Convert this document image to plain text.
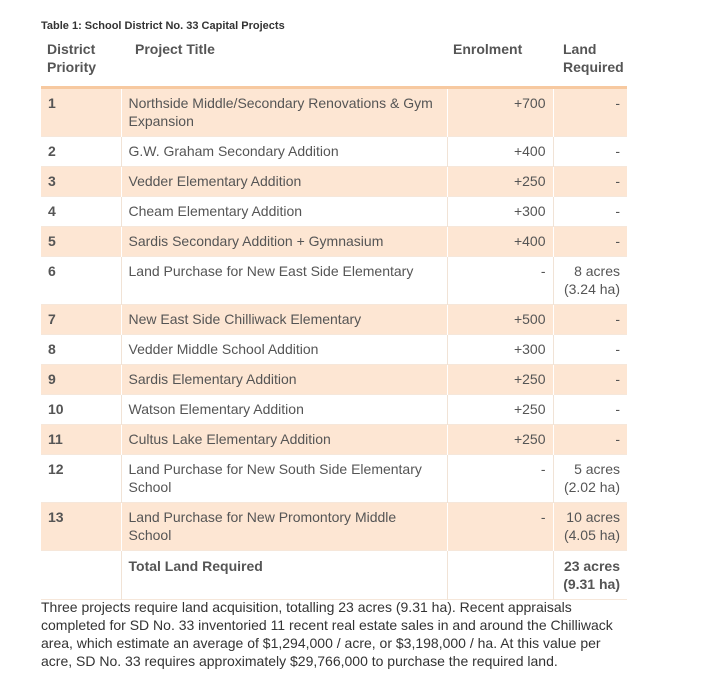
Table 1: School District No. 33 Capital Projects
District Priority	Project Title	Enrolment	Land Required
1	Northside Middle/Secondary Renovations & Gym Expansion	+700	-
2	G.W. Graham Secondary Addition	+400	-
3	Vedder Elementary Addition	+250	-
4	Cheam Elementary Addition	+300	-
5	Sardis Secondary Addition + Gymnasium	+400	-
6	Land Purchase for New East Side Elementary	-	8 acres (3.24 ha)
7	New East Side Chilliwack Elementary	+500	-
8	Vedder Middle School Addition	+300	-
9	Sardis Elementary Addition	+250	-
10	Watson Elementary Addition	+250	-
11	Cultus Lake Elementary Addition	+250	-
12	Land Purchase for New South Side Elementary School	-	5 acres (2.02 ha)
13	Land Purchase for New Promontory Middle School	-	10 acres (4.05 ha)
	Total Land Required		23 acres (9.31 ha)

Three projects require land acquisition, totalling 23 acres (9.31 ha). Recent appraisals completed for SD No. 33 inventoried 11 recent real estate sales in and around the Chilliwack area, which estimate an average of $1,294,000 / acre, or $3,198,000 / ha. At this value per acre, SD No. 33 requires approximately $29,766,000 to purchase the required land.
